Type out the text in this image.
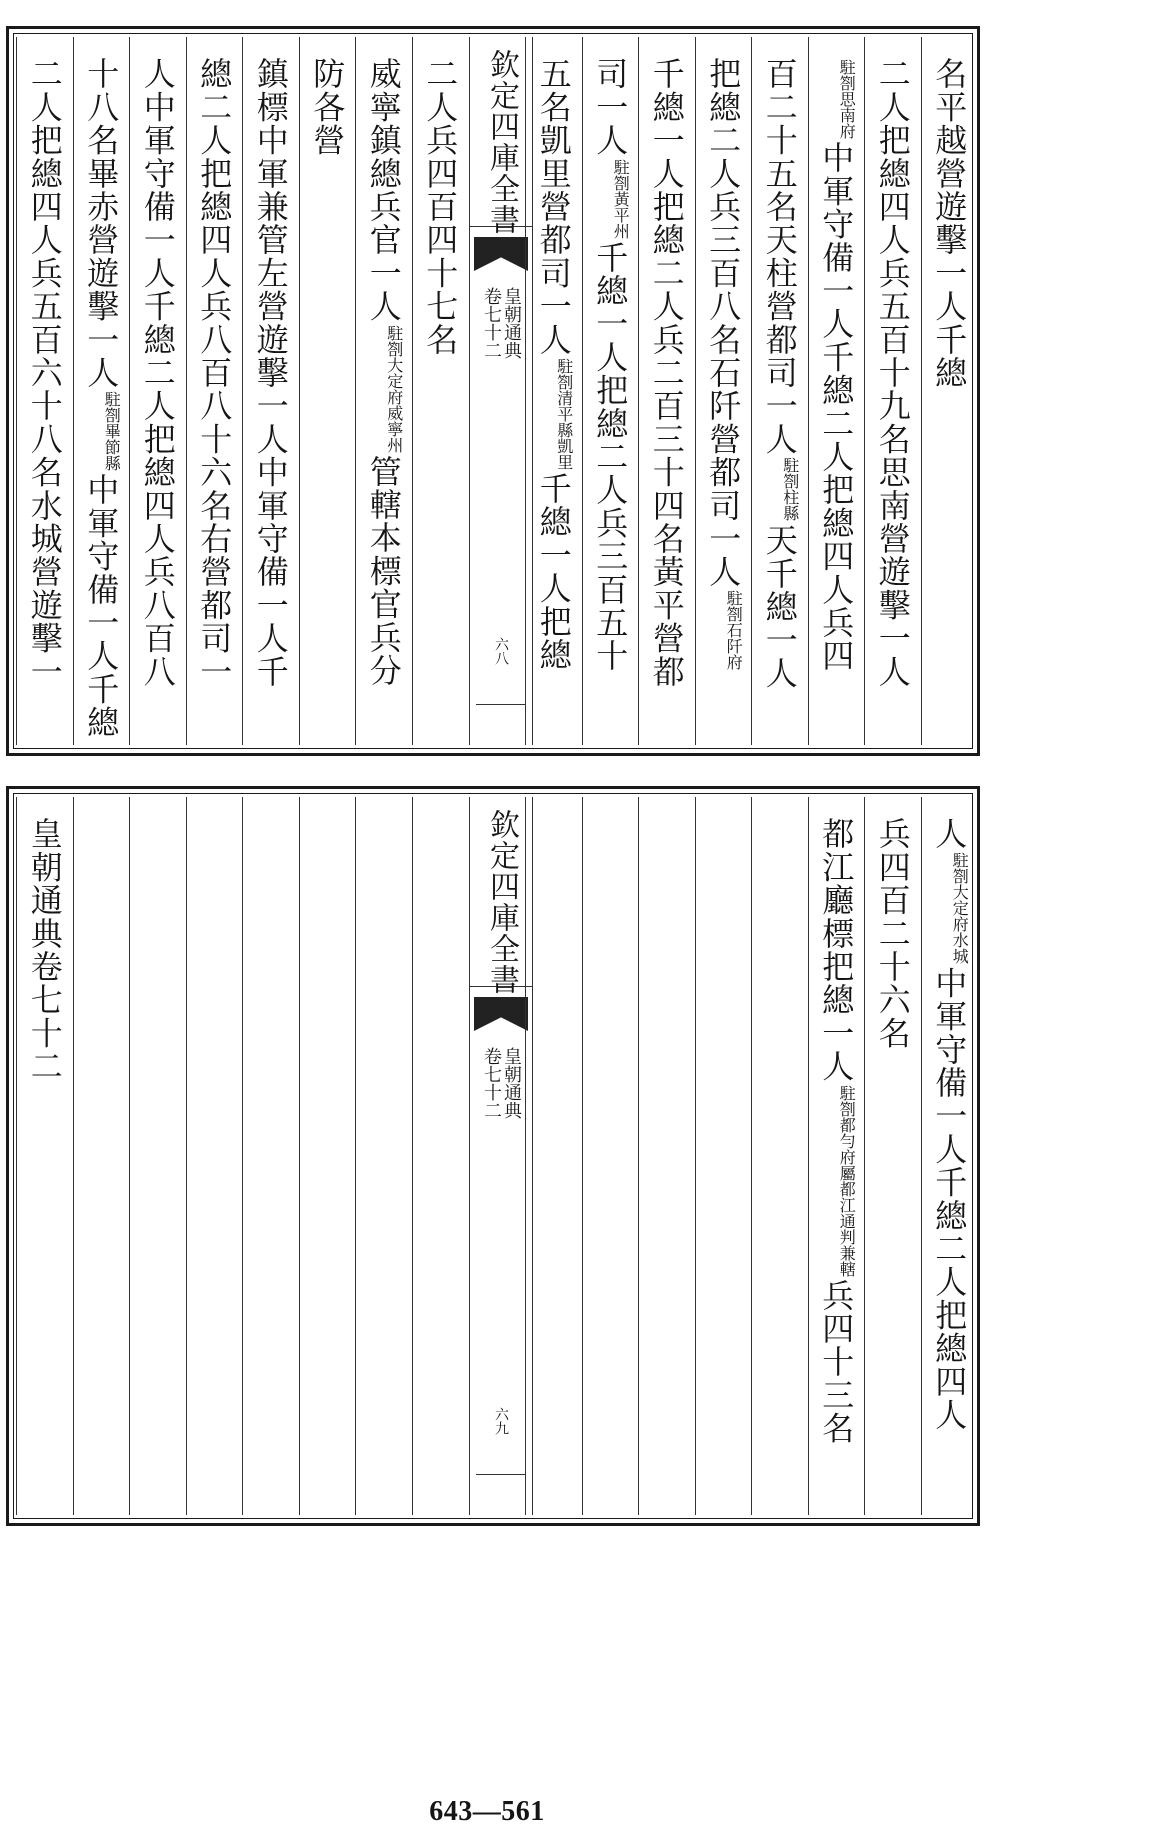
欽定四庫全書
皇朝通典
卷七十二
六八
名平越營遊擊一人千總
二人把總四人兵五百十九名思南營遊擊一人
駐劄思南府中軍守備一人千總二人把總四人兵四
百二十五名天柱營都司一人駐劄柱縣天千總一人
把總二人兵三百八名石阡營都司一人駐劄石阡府
千總一人把總二人兵二百三十四名黃平營都
司一人駐劄黃平州千總一人把總二人兵三百五十
五名凱里營都司一人駐劄清平縣凱里千總一人把總
二人兵四百四十七名
威寧鎮總兵官一人駐劄大定府威寧州管轄本標官兵分
防各營
鎮標中軍兼管左營遊擊一人中軍守備一人千
總二人把總四人兵八百八十六名右營都司一
人中軍守備一人千總二人把總四人兵八百八
十八名畢赤營遊擊一人駐劄畢節縣中軍守備一人千總
二人把總四人兵五百六十八名水城營遊擊一
欽定四庫全書
皇朝通典
卷七十二
六九
人駐劄大定府水城中軍守備一人千總二人把總四人
兵四百二十六名
都江廳標把總一人駐劄都勻府屬都江通判兼轄兵四十三名
皇朝通典卷七十二
643—561
